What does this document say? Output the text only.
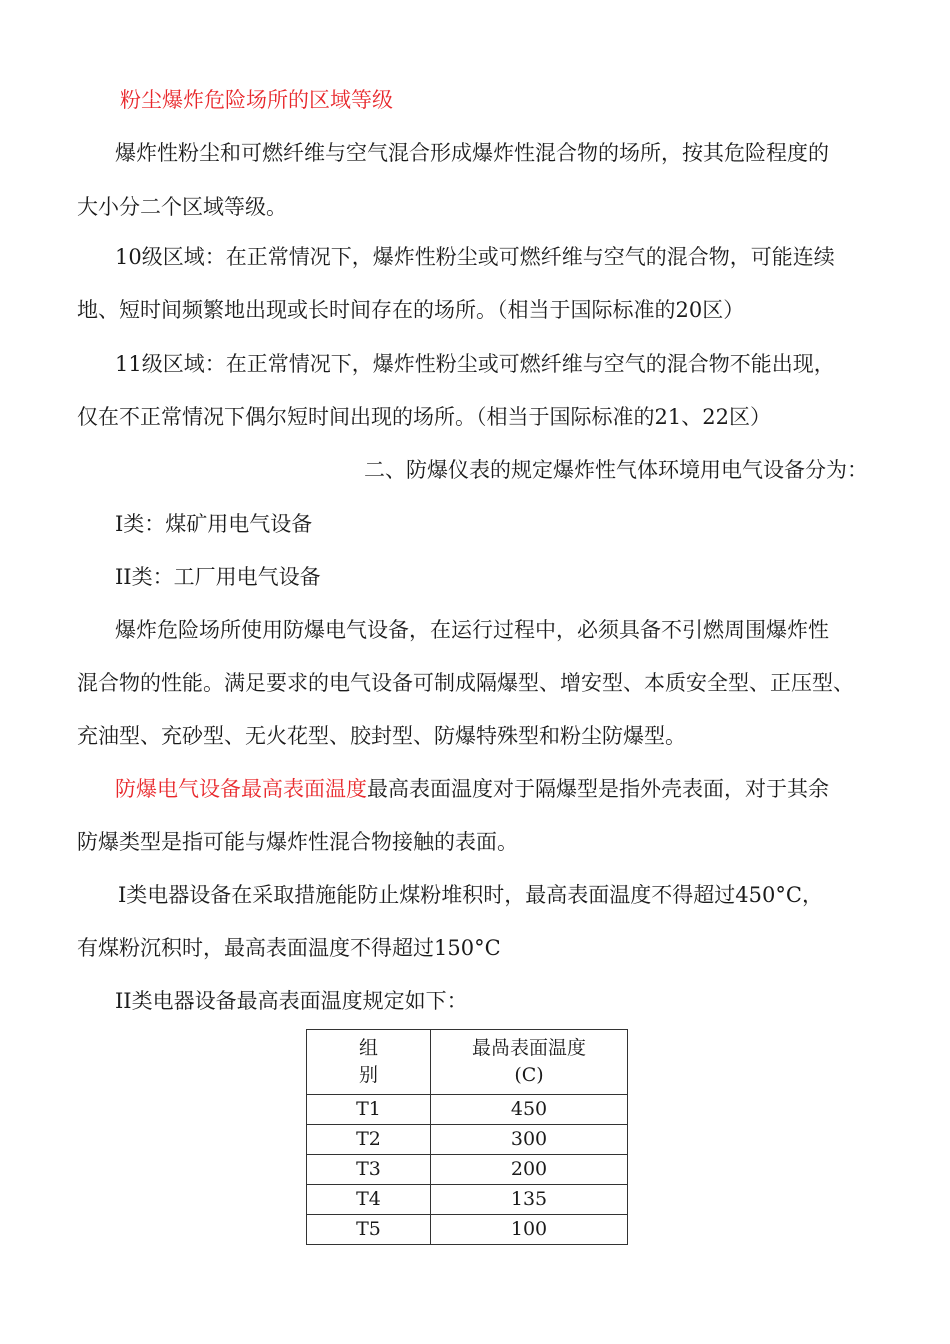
粉尘爆炸危险场所的区域等级
爆炸性粉尘和可燃纤维与空气混合形成爆炸性混合物的场所，按其危险程度的
大小分二个区域等级。
10级区域：在正常情况下，爆炸性粉尘或可燃纤维与空气的混合物，可能连续
地、短时间频繁地出现或长时间存在的场所。（相当于国际标准的20区）
11级区域：在正常情况下，爆炸性粉尘或可燃纤维与空气的混合物不能出现，
仅在不正常情况下偶尔短时间出现的场所。（相当于国际标准的21、22区）
二、防爆仪表的规定爆炸性气体环境用电气设备分为：
I类：煤矿用电气设备
II类：工厂用电气设备
爆炸危险场所使用防爆电气设备，在运行过程中，必须具备不引燃周围爆炸性
混合物的性能。满足要求的电气设备可制成隔爆型、增安型、本质安全型、正压型、
充油型、充砂型、无火花型、胶封型、防爆特殊型和粉尘防爆型。
防爆电气设备最高表面温度最高表面温度对于隔爆型是指外壳表面，对于其余
防爆类型是指可能与爆炸性混合物接触的表面。
I类电器设备在采取措施能防止煤粉堆积时，最高表面温度不得超过450°C，
有煤粉沉积时，最高表面温度不得超过150°C
II类电器设备最高表面温度规定如下：
组别	最咼表面温度
(C)

T1	450
T2	300
T3	200
T4	135
T5	100
